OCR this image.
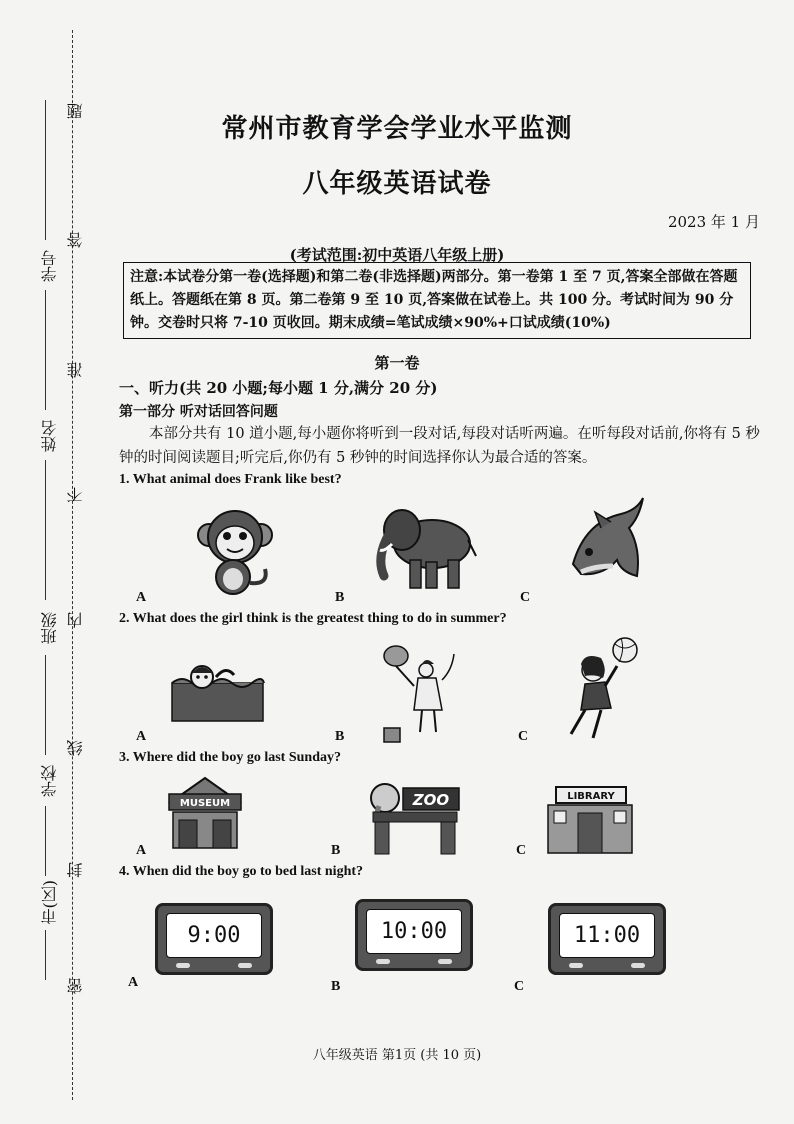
题
答
准
不
内
线
封
密
学号
姓名
班级
学校
市(区)
常州市教育学会学业水平监测
八年级英语试卷
2023 年 1 月
(考试范围:初中英语八年级上册)
注意:本试卷分第一卷(选择题)和第二卷(非选择题)两部分。第一卷第 1 至 7 页,答案全部做在答题纸上。答题纸在第 8 页。第二卷第 9 至 10 页,答案做在试卷上。共 100 分。考试时间为 90 分钟。交卷时只将 7-10 页收回。期末成绩=笔试成绩×90%+口试成绩(10%)
第一卷
一、听力(共 20 小题;每小题 1 分,满分 20 分)
第一部分 听对话回答问题
本部分共有 10 道小题,每小题你将听到一段对话,每段对话听两遍。在听每段对话前,你将有 5 秒钟的时间阅读题目;听完后,你仍有 5 秒钟的时间选择你认为最合适的答案。
1. What animal does Frank like best?
A	B	C
2. What does the girl think is the greatest thing to do in summer?
A	B	C
3. Where did the boy go last Sunday?
MUSEUM	ZOO	LIBRARY
A	B	C
4. When did the boy go to bed last night?
9:00	10:00	11:00
A	B	C
八年级英语 第1页 (共 10 页)
